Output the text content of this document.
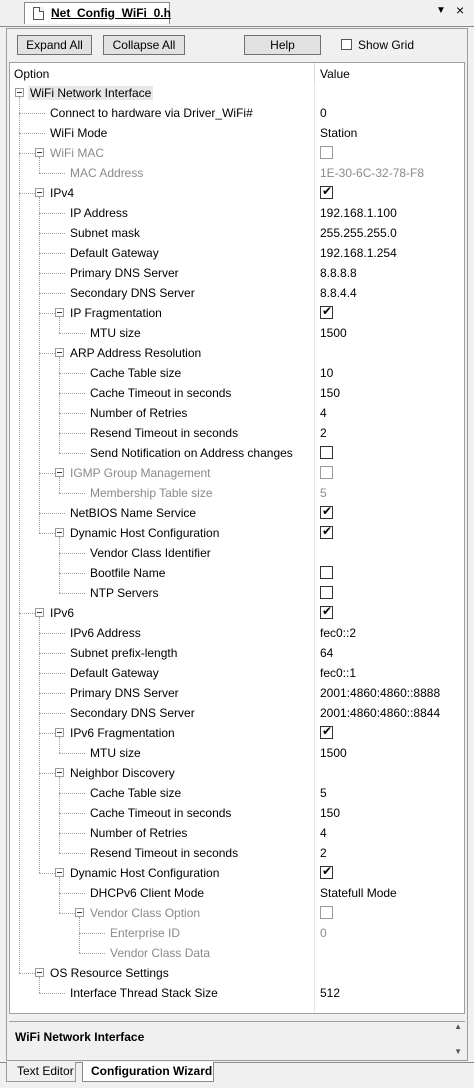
Net_Config_WiFi_0.h	▼ ×
Expand All	Collapse All	Help	Show Grid
Option	Value
WiFi Network Interface
Connect to hardware via Driver_WiFi#	0
WiFi Mode	Station
WiFi MAC
MAC Address	1E-30-6C-32-78-F8
IPv4	✔
IP Address	192.168.1.100
Subnet mask	255.255.255.0
Default Gateway	192.168.1.254
Primary DNS Server	8.8.8.8
Secondary DNS Server	8.8.4.4
IP Fragmentation	✔
MTU size	1500
ARP Address Resolution
Cache Table size	10
Cache Timeout in seconds	150
Number of Retries	4
Resend Timeout in seconds	2
Send Notification on Address changes
IGMP Group Management
Membership Table size	5
NetBIOS Name Service	✔
Dynamic Host Configuration	✔
Vendor Class Identifier
Bootfile Name
NTP Servers
IPv6	✔
IPv6 Address	fec0::2
Subnet prefix-length	64
Default Gateway	fec0::1
Primary DNS Server	2001:4860:4860::8888
Secondary DNS Server	2001:4860:4860::8844
IPv6 Fragmentation	✔
MTU size	1500
Neighbor Discovery
Cache Table size	5
Cache Timeout in seconds	150
Number of Retries	4
Resend Timeout in seconds	2
Dynamic Host Configuration	✔
DHCPv6 Client Mode	Statefull Mode
Vendor Class Option
Enterprise ID	0
Vendor Class Data
OS Resource Settings
Interface Thread Stack Size	512
WiFi Network Interface
▲
▼
Text Editor	Configuration Wizard
